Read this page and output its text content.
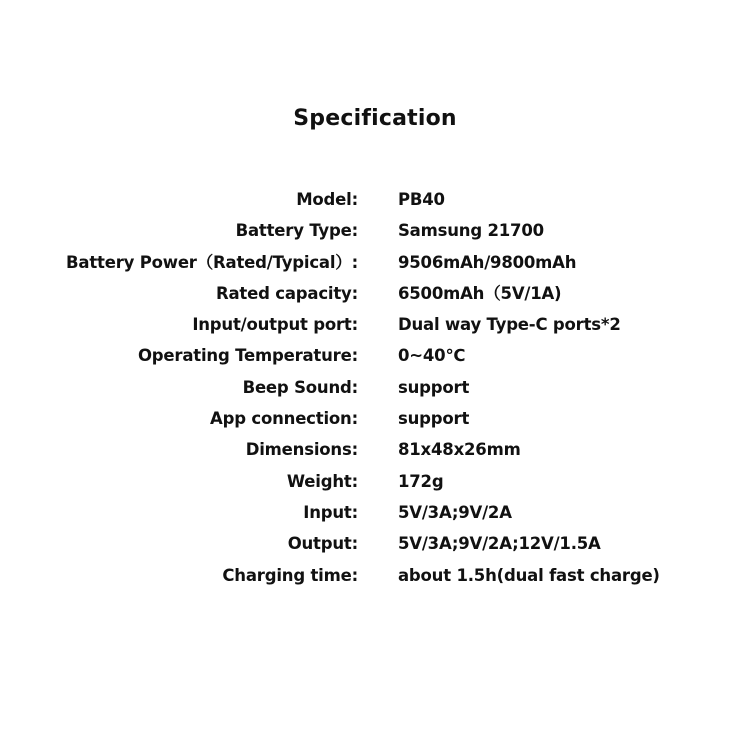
Specification
Model: PB40
Battery Type: Samsung 21700
Battery Power（Rated/Typical）: 9506mAh/9800mAh
Rated capacity: 6500mAh（5V/1A)
Input/output port: Dual way Type-C ports*2
Operating Temperature: 0~40℃
Beep Sound: support
App connection: support
Dimensions: 81x48x26mm
Weight: 172g
Input: 5V/3A;9V/2A
Output: 5V/3A;9V/2A;12V/1.5A
Charging time: about 1.5h(dual fast charge)
